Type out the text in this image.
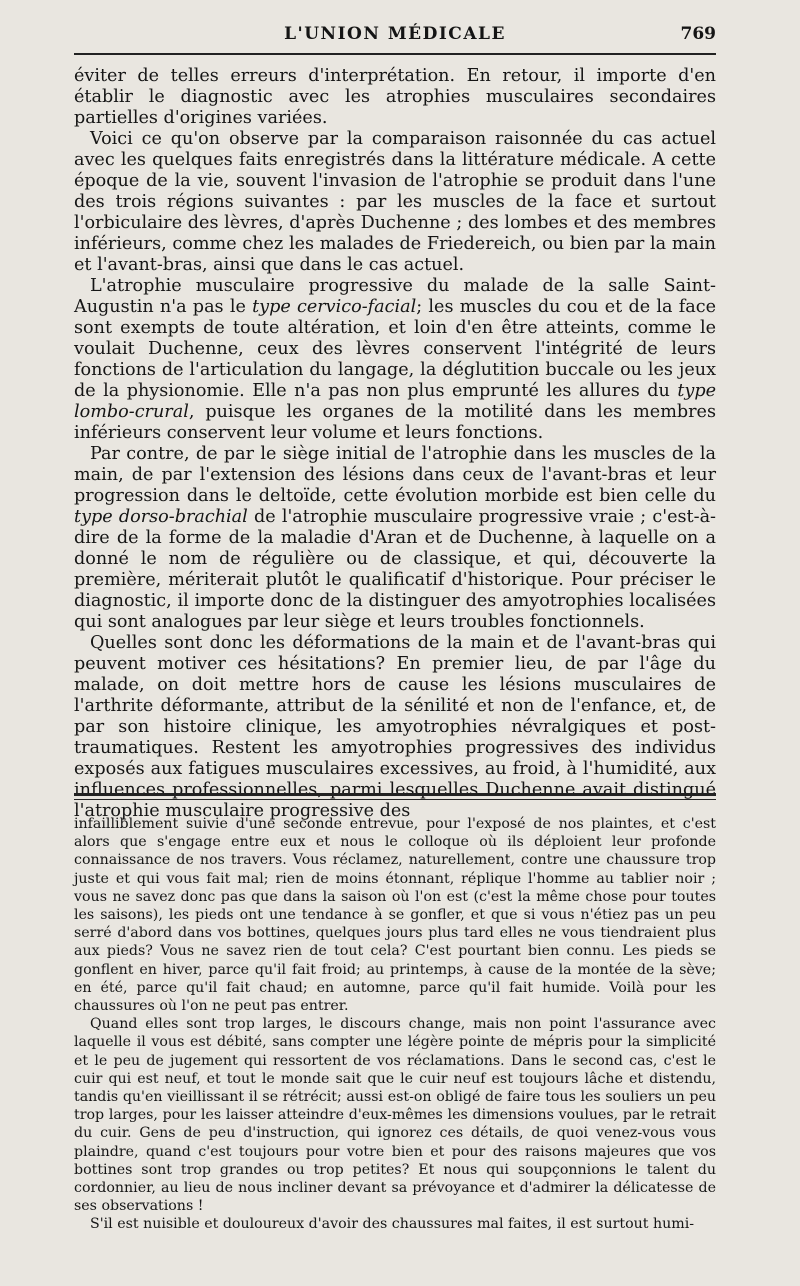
L'UNION MÉDICALE	769

éviter de telles erreurs d'interprétation. En retour, il importe d'en établir le diagnostic avec les atrophies musculaires secondaires partielles d'origines variées.

Voici ce qu'on observe par la comparaison raisonnée du cas actuel avec les quelques faits enregistrés dans la littérature médicale. A cette époque de la vie, souvent l'invasion de l'atrophie se produit dans l'une des trois régions suivantes : par les muscles de la face et surtout l'orbiculaire des lèvres, d'après Duchenne ; des lombes et des membres inférieurs, comme chez les malades de Friedereich, ou bien par la main et l'avant-bras, ainsi que dans le cas actuel.

L'atrophie musculaire progressive du malade de la salle Saint-Augustin n'a pas le type cervico-facial; les muscles du cou et de la face sont exempts de toute altération, et loin d'en être atteints, comme le voulait Duchenne, ceux des lèvres conservent l'intégrité de leurs fonctions de l'articulation du langage, la déglutition buccale ou les jeux de la physionomie. Elle n'a pas non plus emprunté les allures du type lombo-crural, puisque les organes de la motilité dans les membres inférieurs conservent leur volume et leurs fonctions.

Par contre, de par le siège initial de l'atrophie dans les muscles de la main, de par l'extension des lésions dans ceux de l'avant-bras et leur progression dans le deltoïde, cette évolution morbide est bien celle du type dorso-brachial de l'atrophie musculaire progressive vraie ; c'est-à-dire de la forme de la maladie d'Aran et de Duchenne, à laquelle on a donné le nom de régulière ou de classique, et qui, découverte la première, mériterait plutôt le qualificatif d'historique. Pour préciser le diagnostic, il importe donc de la distinguer des amyotrophies localisées qui sont analogues par leur siège et leurs troubles fonctionnels.

Quelles sont donc les déformations de la main et de l'avant-bras qui peuvent motiver ces hésitations? En premier lieu, de par l'âge du malade, on doit mettre hors de cause les lésions musculaires de l'arthrite déformante, attribut de la sénilité et non de l'enfance, et, de par son histoire clinique, les amyotrophies névralgiques et post-traumatiques. Restent les amyotrophies progressives des individus exposés aux fatigues musculaires excessives, au froid, à l'humidité, aux influences professionnelles, parmi lesquelles Duchenne avait distingué l'atrophie musculaire progressive des

infailliblement suivie d'une seconde entrevue, pour l'exposé de nos plaintes, et c'est alors que s'engage entre eux et nous le colloque où ils déploient leur profonde connaissance de nos travers. Vous réclamez, naturellement, contre une chaussure trop juste et qui vous fait mal; rien de moins étonnant, réplique l'homme au tablier noir ; vous ne savez donc pas que dans la saison où l'on est (c'est la même chose pour toutes les saisons), les pieds ont une tendance à se gonfler, et que si vous n'étiez pas un peu serré d'abord dans vos bottines, quelques jours plus tard elles ne vous tiendraient plus aux pieds? Vous ne savez rien de tout cela? C'est pourtant bien connu. Les pieds se gonflent en hiver, parce qu'il fait froid; au printemps, à cause de la montée de la sève; en été, parce qu'il fait chaud; en automne, parce qu'il fait humide. Voilà pour les chaussures où l'on ne peut pas entrer.

Quand elles sont trop larges, le discours change, mais non point l'assurance avec laquelle il vous est débité, sans compter une légère pointe de mépris pour la simplicité et le peu de jugement qui ressortent de vos réclamations. Dans le second cas, c'est le cuir qui est neuf, et tout le monde sait que le cuir neuf est toujours lâche et distendu, tandis qu'en vieillissant il se rétrécit; aussi est-on obligé de faire tous les souliers un peu trop larges, pour les laisser atteindre d'eux-mêmes les dimensions voulues, par le retrait du cuir. Gens de peu d'instruction, qui ignorez ces détails, de quoi venez-vous vous plaindre, quand c'est toujours pour votre bien et pour des raisons majeures que vos bottines sont trop grandes ou trop petites? Et nous qui soupçonnions le talent du cordonnier, au lieu de nous incliner devant sa prévoyance et d'admirer la délicatesse de ses observations !

S'il est nuisible et douloureux d'avoir des chaussures mal faites, il est surtout humi-
